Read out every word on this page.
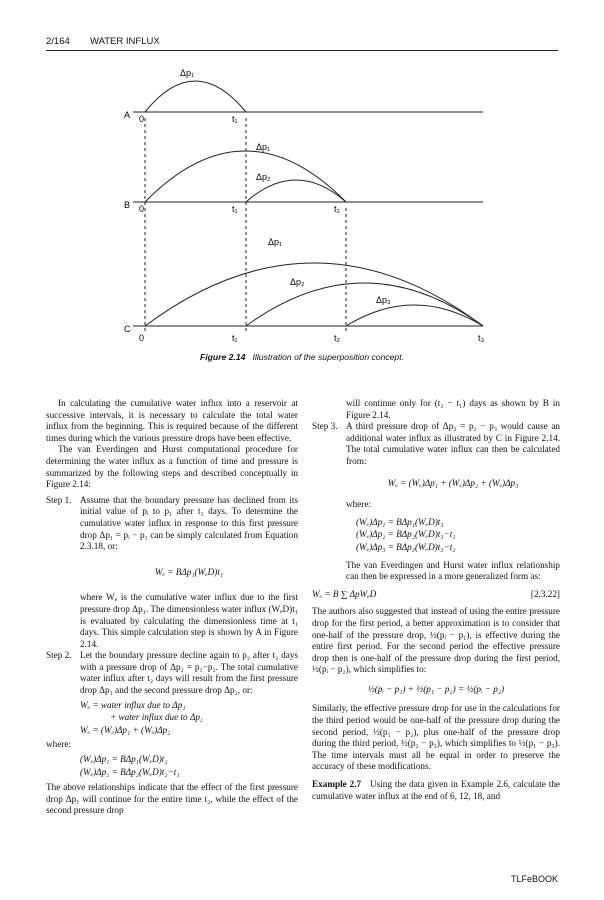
2/164 WATER INFLUX
A
Δp₁
0	t₁
B
Δp₁
Δp₂
0	t₁	t₂
C
Δp₁
Δp₂
Δp₃
0	t₁	t₂	t₃
Figure 2.14 Illustration of the superposition concept.

In calculating the cumulative water influx into a reservoir at successive intervals, it is necessary to calculate the total water influx from the beginning. This is required because of the different times during which the various pressure drops have been effective.

The van Everdingen and Hurst computational procedure for determining the water influx as a function of time and pressure is summarized by the following steps and described conceptually in Figure 2.14:

Step 1. Assume that the boundary pressure has declined from its initial value of pᵢ to p₁ after t₁ days. To determine the cumulative water influx in response to this first pressure drop Δp₁ = pᵢ − p₁ can be simply calculated from Equation 2.3.18, or:

Wₑ = BΔp₁(WₑD)t₁

where Wₑ is the cumulative water influx due to the first pressure drop Δp₁. The dimensionless water influx (WₑD)t₁ is evaluated by calculating the dimensionless time at t₁ days. This simple calculation step is shown by A in Figure 2.14.

Step 2. Let the boundary pressure decline again to p₂ after t₂ days with a pressure drop of Δp₂ = p₁−p₂. The total cumulative water influx after t₂ days will result from the first pressure drop Δp₁ and the second pressure drop Δp₂, or:

Wₑ = water influx due to Δp₁
+ water influx due to Δp₂
Wₑ = (Wₑ)Δp₁ + (Wₑ)Δp₂

where:

(Wₑ)Δp₁ = BΔp₁(WₑD)t₂
(Wₑ)Δp₂ = BΔp₂(WₑD)t₂−t₁

The above relationships indicate that the effect of the first pressure drop Δp₁ will continue for the entire time t₂, while the effect of the second pressure drop

will continue only for (t₂ − t₁) days as shown by B in Figure 2.14.

Step 3. A third pressure drop of Δp₃ = p₂ − p₃ would cause an additional water influx as illustrated by C in Figure 2.14. The total cumulative water influx can then be calculated from:

Wₑ = (Wₑ)Δp₁ + (Wₑ)Δp₂ + (Wₑ)Δp₃

where:

(Wₑ)Δp₁ = BΔp₁(WₑD)t₃
(Wₑ)Δp₂ = BΔp₂(WₑD)t₃−t₁
(Wₑ)Δp₃ = BΔp₃(WₑD)t₃−t₂

The van Everdingen and Hurst water influx relationship can then be expressed in a more generalized form as:

Wₑ = B ∑ ΔpWₑD	[2.3.22]

The authors also suggested that instead of using the entire pressure drop for the first period, a better approximation is to consider that one-half of the pressure drop, ½(pᵢ − p₁), is effective during the entire first period. For the second period the effective pressure drop then is one-half of the pressure drop during the first period, ½(pᵢ − p₂), which simplifies to:

½(pᵢ − p₁) + ½(p₁ − p₂) = ½(pᵢ − p₂)

Similarly, the effective pressure drop for use in the calculations for the third period would be one-half of the pressure drop during the second period, ½(p₁ − p₂), plus one-half of the pressure drop during the third period, ½(p₂ − p₃), which simplifies to ½(p₁ − p₃). The time intervals must all be equal in order to preserve the accuracy of these modifications.

Example 2.7 Using the data given in Example 2.6, calculate the cumulative water influx at the end of 6, 12, 18, and

TLFeBOOK
